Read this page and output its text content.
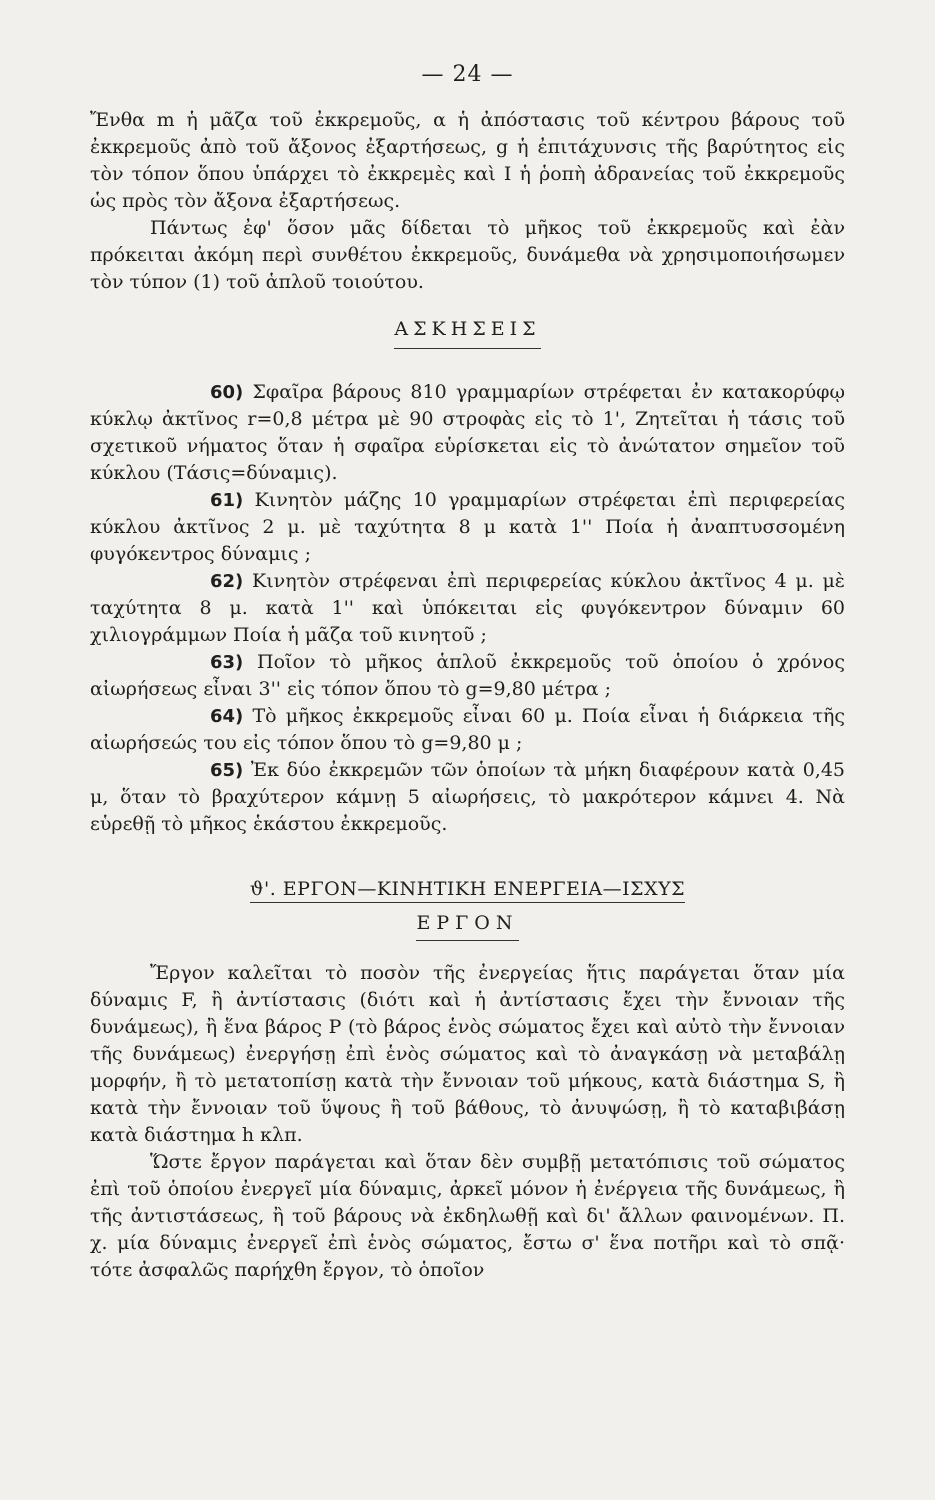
— 24 —

Ἔνθα m ἡ μᾶζα τοῦ ἐκκρεμοῦς, α ἡ ἀπόστασις τοῦ κέντρου βάρους τοῦ ἐκκρεμοῦς ἀπὸ τοῦ ἄξονος ἐξαρτήσεως, g ἡ ἐπιτάχυνσις τῆς βαρύτητος εἰς τὸν τόπον ὅπου ὑπάρχει τὸ ἐκκρεμὲς καὶ I ἡ ῥοπὴ ἀδρανείας τοῦ ἐκκρεμοῦς ὡς πρὸς τὸν ἄξονα ἐξαρτήσεως.

Πάντως ἐφ' ὅσον μᾶς δίδεται τὸ μῆκος τοῦ ἐκκρεμοῦς καὶ ἐὰν πρόκειται ἀκόμη περὶ συνθέτου ἐκκρεμοῦς, δυνάμεθα νὰ χρησιμοποιήσωμεν τὸν τύπον (1) τοῦ ἁπλοῦ τοιούτου.

ΑΣΚΗΣΕΙΣ

60) Σφαῖρα βάρους 810 γραμμαρίων στρέφεται ἐν κατακορύφῳ κύκλῳ ἀκτῖνος r=0,8 μέτρα μὲ 90 στροφὰς εἰς τὸ 1', Ζητεῖται ἡ τάσις τοῦ σχετικοῦ νήματος ὅταν ἡ σφαῖρα εὑρίσκεται εἰς τὸ ἀνώτατον σημεῖον τοῦ κύκλου (Τάσις=δύναμις).

61) Κινητὸν μάζης 10 γραμμαρίων στρέφεται ἐπὶ περιφερείας κύκλου ἀκτῖνος 2 μ. μὲ ταχύτητα 8 μ κατὰ 1'' Ποία ἡ ἀναπτυσσομένη φυγόκεντρος δύναμις ;

62) Κινητὸν στρέφεναι ἐπὶ περιφερείας κύκλου ἀκτῖνος 4 μ. μὲ ταχύτητα 8 μ. κατὰ 1'' καὶ ὑπόκειται εἰς φυγόκεντρον δύναμιν 60 χιλιογράμμων Ποία ἡ μᾶζα τοῦ κινητοῦ ;

63) Ποῖον τὸ μῆκος ἁπλοῦ ἐκκρεμοῦς τοῦ ὁποίου ὁ χρόνος αἰωρήσεως εἶναι 3'' εἰς τόπον ὅπου τὸ g=9,80 μέτρα ;

64) Τὸ μῆκος ἐκκρεμοῦς εἶναι 60 μ. Ποία εἶναι ἡ διάρκεια τῆς αἰωρήσεώς του εἰς τόπον ὅπου τὸ g=9,80 μ ;

65) Ἐκ δύο ἐκκρεμῶν τῶν ὁποίων τὰ μήκη διαφέρουν κατὰ 0,45 μ, ὅταν τὸ βραχύτερον κάμνῃ 5 αἰωρήσεις, τὸ μακρότερον κάμνει 4. Νὰ εὑρεθῇ τὸ μῆκος ἑκάστου ἐκκρεμοῦς.

ϑ'. ΕΡΓΟΝ—ΚΙΝΗΤΙΚΗ ΕΝΕΡΓΕΙΑ—ΙΣΧΥΣ
ΕΡΓΟΝ

Ἔργον καλεῖται τὸ ποσὸν τῆς ἐνεργείας ἥτις παράγεται ὅταν μία δύναμις F, ἢ ἀντίστασις (διότι καὶ ἡ ἀντίστασις ἔχει τὴν ἔννοιαν τῆς δυνάμεως), ἢ ἕνα βάρος P (τὸ βάρος ἑνὸς σώματος ἔχει καὶ αὐτὸ τὴν ἔννοιαν τῆς δυνάμεως) ἐνεργήσῃ ἐπὶ ἑνὸς σώματος καὶ τὸ ἀναγκάσῃ νὰ μεταβάλῃ μορφήν, ἢ τὸ μετατοπίσῃ κατὰ τὴν ἔννοιαν τοῦ μήκους, κατὰ διάστημα S, ἢ κατὰ τὴν ἔννοιαν τοῦ ὕψους ἢ τοῦ βάθους, τὸ ἀνυψώσῃ, ἢ τὸ καταβιβάσῃ κατὰ διάστημα h κλπ.

Ὥστε ἔργον παράγεται καὶ ὅταν δὲν συμβῇ μετατόπισις τοῦ σώματος ἐπὶ τοῦ ὁποίου ἐνεργεῖ μία δύναμις, ἀρκεῖ μόνον ἡ ἐνέργεια τῆς δυνάμεως, ἢ τῆς ἀντιστάσεως, ἢ τοῦ βάρους νὰ ἐκδηλωθῇ καὶ δι' ἄλλων φαινομένων. Π. χ. μία δύναμις ἐνεργεῖ ἐπὶ ἑνὸς σώματος, ἔστω σ' ἕνα ποτῆρι καὶ τὸ σπᾷ· τότε ἀσφαλῶς παρήχθη ἔργον, τὸ ὁποῖον
